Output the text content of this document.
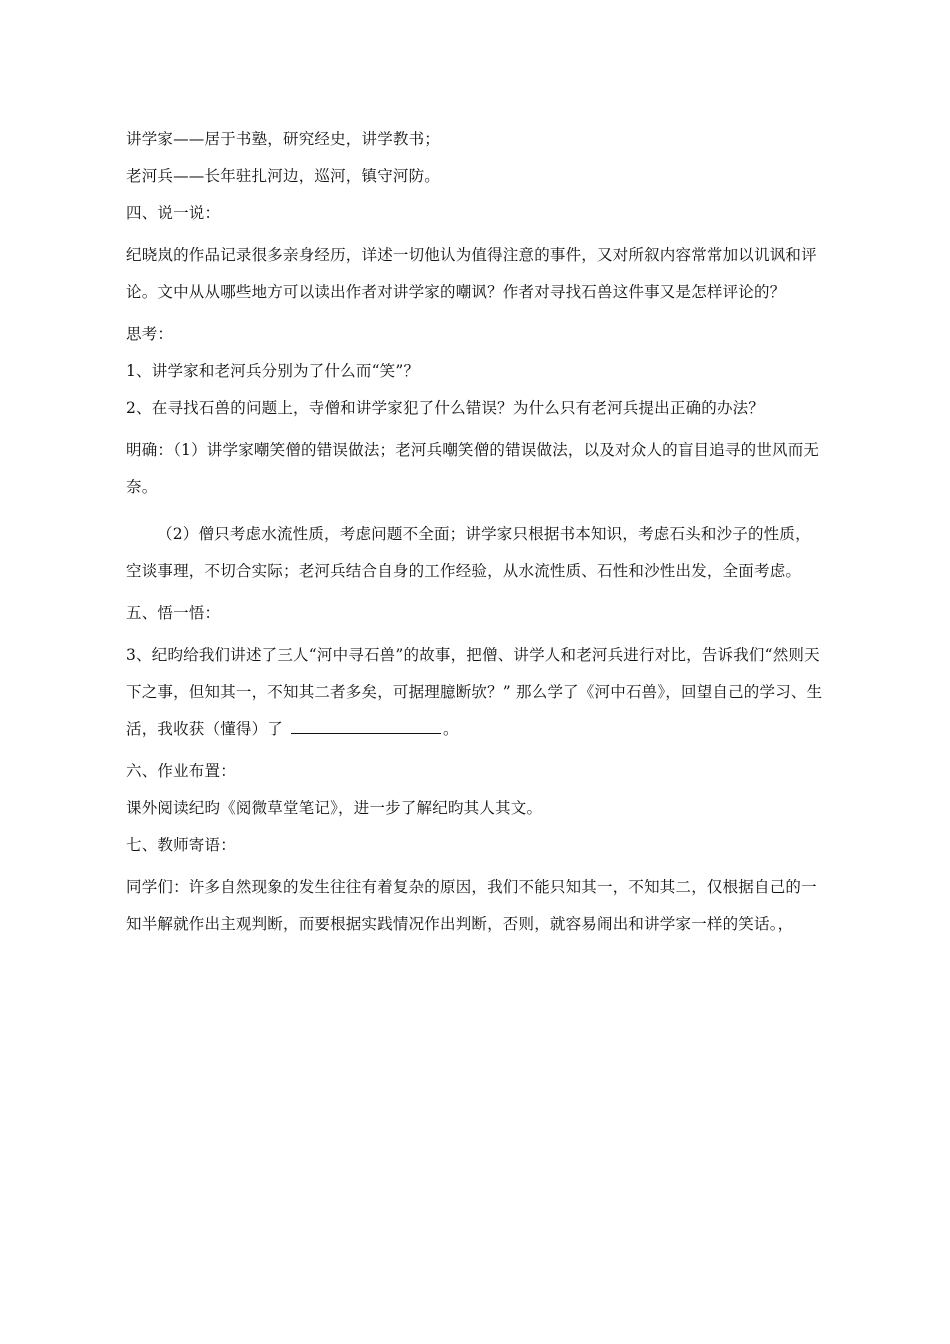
讲学家——居于书塾，研究经史，讲学教书；

老河兵——长年驻扎河边，巡河，镇守河防。

四、说一说：

纪晓岚的作品记录很多亲身经历，详述一切他认为值得注意的事件，又对所叙内容常常加以讥讽和评论。文中从从哪些地方可以读出作者对讲学家的嘲讽？作者对寻找石兽这件事又是怎样评论的？

思考：

1、讲学家和老河兵分别为了什么而“笑”？

2、在寻找石兽的问题上，寺僧和讲学家犯了什么错误？为什么只有老河兵提出正确的办法？

明确：（1）讲学家嘲笑僧的错误做法；老河兵嘲笑僧的错误做法，以及对众人的盲目追寻的世风而无奈。

（2）僧只考虑水流性质，考虑问题不全面；讲学家只根据书本知识，考虑石头和沙子的性质，空谈事理，不切合实际；老河兵结合自身的工作经验，从水流性质、石性和沙性出发，全面考虑。

五、悟一悟：

3、纪昀给我们讲述了三人“河中寻石兽”的故事，把僧、讲学人和老河兵进行对比，告诉我们“然则天下之事，但知其一，不知其二者多矣，可据理臆断欤？” 那么学了《河中石兽》，回望自己的学习、生活，我收获（懂得）了	。

六、作业布置：

课外阅读纪昀《阅微草堂笔记》，进一步了解纪昀其人其文。

七、教师寄语：

同学们：许多自然现象的发生往往有着复杂的原因，我们不能只知其一，不知其二，仅根据自己的一知半解就作出主观判断，而要根据实践情况作出判断，否则，就容易闹出和讲学家一样的笑话。，
